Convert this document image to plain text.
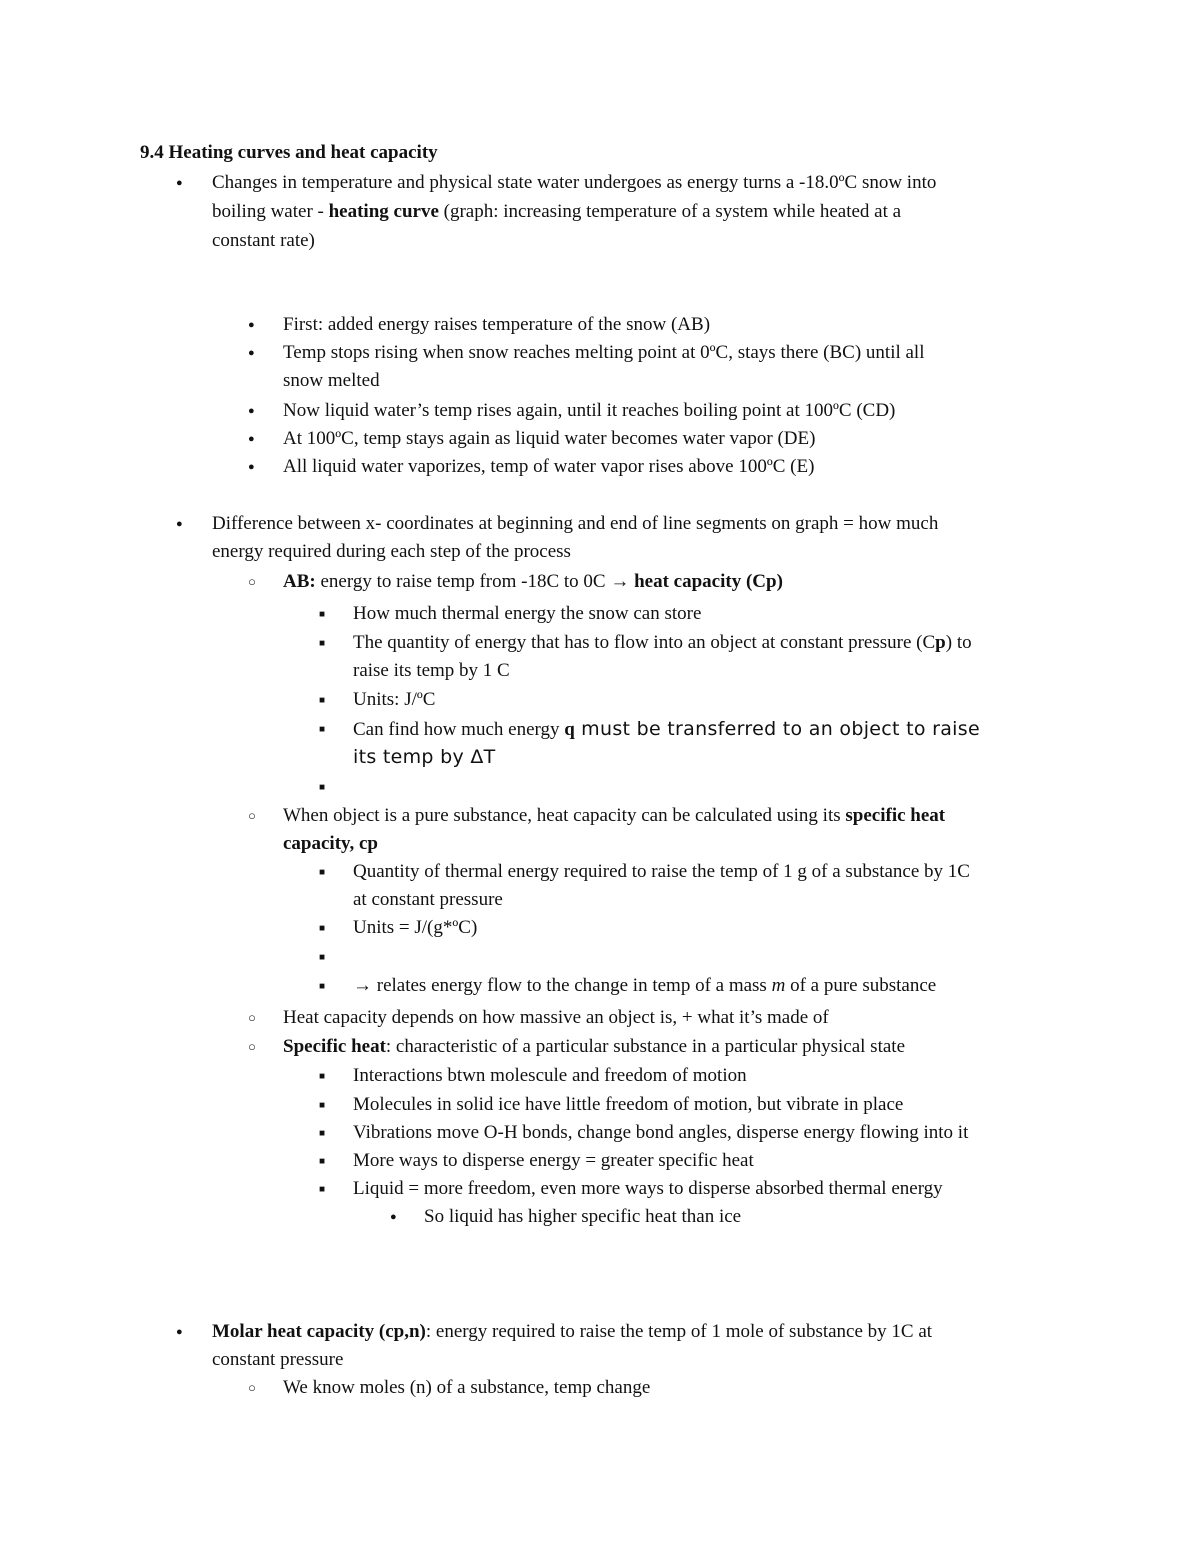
9.4 Heating curves and heat capacity
●
Changes in temperature and physical state water undergoes as energy turns a -18.0ºC snow into
boiling water - heating curve (graph: increasing temperature of a system while heated at a
constant rate)
●
First: added energy raises temperature of the snow (AB)
●
Temp stops rising when snow reaches melting point at 0ºC, stays there (BC) until all
snow melted
●
Now liquid water’s temp rises again, until it reaches boiling point at 100ºC (CD)
●
At 100ºC, temp stays again as liquid water becomes water vapor (DE)
●
All liquid water vaporizes, temp of water vapor rises above 100ºC (E)
●
Difference between x- coordinates at beginning and end of line segments on graph = how much
energy required during each step of the process
○
AB: energy to raise temp from -18C to 0C → heat capacity (Cp)
■
How much thermal energy the snow can store
■
The quantity of energy that has to flow into an object at constant pressure (Cp) to
raise its temp by 1 C
■
Units: J/ºC
■
Can find how much energy q must be transferred to an object to raise
its temp by ΔT
■
○
When object is a pure substance, heat capacity can be calculated using its specific heat
capacity, cp
■
Quantity of thermal energy required to raise the temp of 1 g of a substance by 1C
at constant pressure
■
Units = J/(g*ºC)
■
■
→ relates energy flow to the change in temp of a mass m of a pure substance
○
Heat capacity depends on how massive an object is, + what it’s made of
○
Specific heat: characteristic of a particular substance in a particular physical state
■
Interactions btwn molescule and freedom of motion
■
Molecules in solid ice have little freedom of motion, but vibrate in place
■
Vibrations move O-H bonds, change bond angles, disperse energy flowing into it
■
More ways to disperse energy = greater specific heat
■
Liquid = more freedom, even more ways to disperse absorbed thermal energy
●
So liquid has higher specific heat than ice
●
Molar heat capacity (cp,n): energy required to raise the temp of 1 mole of substance by 1C at
constant pressure
○
We know moles (n) of a substance, temp change
